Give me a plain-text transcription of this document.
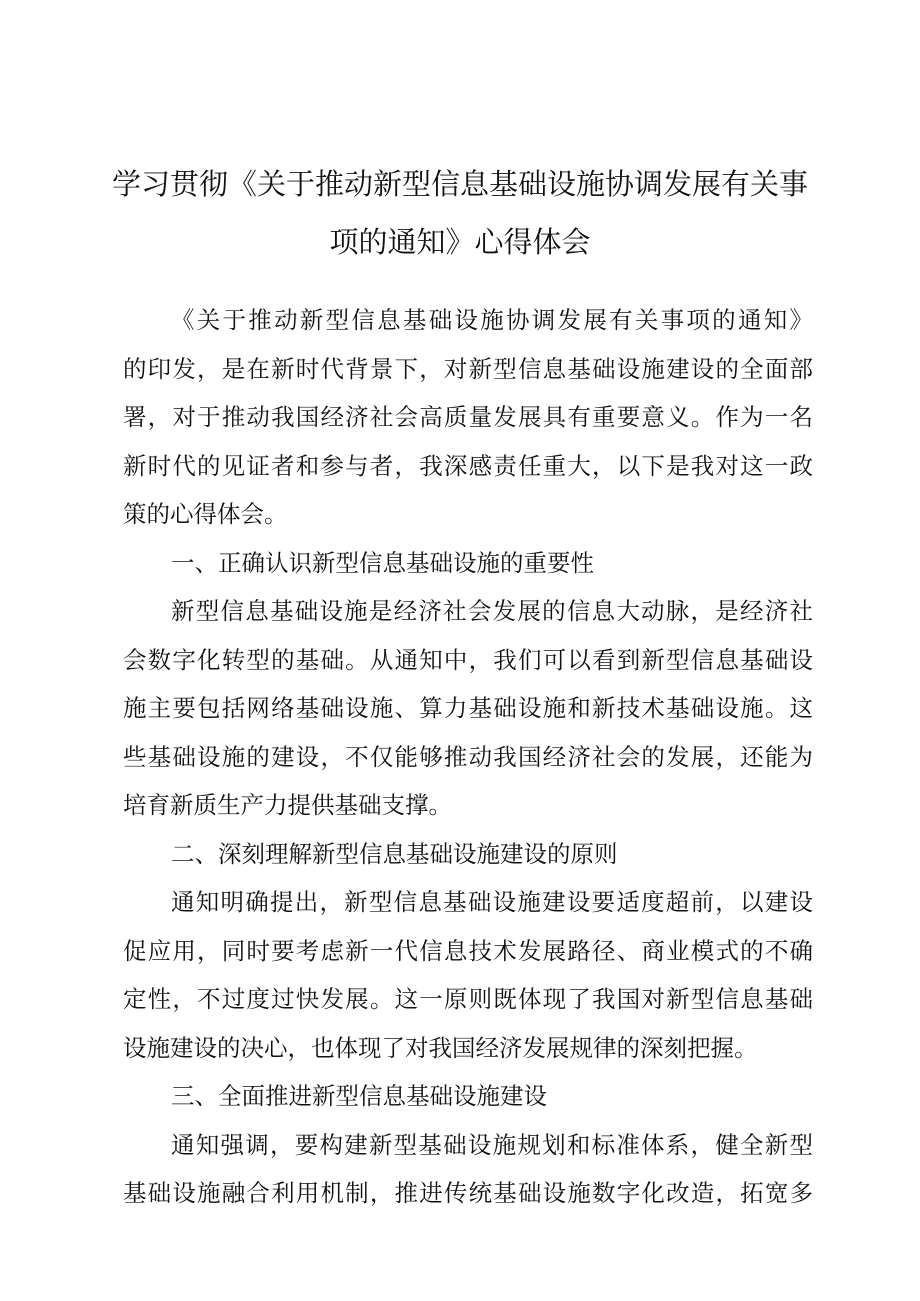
学习贯彻《关于推动新型信息基础设施协调发展有关事
项的通知》心得体会
《关于推动新型信息基础设施协调发展有关事项的通知》
的印发，是在新时代背景下，对新型信息基础设施建设的全面部
署，对于推动我国经济社会高质量发展具有重要意义。作为一名
新时代的见证者和参与者，我深感责任重大，以下是我对这一政
策的心得体会。
一、正确认识新型信息基础设施的重要性
新型信息基础设施是经济社会发展的信息大动脉，是经济社
会数字化转型的基础。从通知中，我们可以看到新型信息基础设
施主要包括网络基础设施、算力基础设施和新技术基础设施。这
些基础设施的建设，不仅能够推动我国经济社会的发展，还能为
培育新质生产力提供基础支撑。
二、深刻理解新型信息基础设施建设的原则
通知明确提出，新型信息基础设施建设要适度超前，以建设
促应用，同时要考虑新一代信息技术发展路径、商业模式的不确
定性，不过度过快发展。这一原则既体现了我国对新型信息基础
设施建设的决心，也体现了对我国经济发展规律的深刻把握。
三、全面推进新型信息基础设施建设
通知强调，要构建新型基础设施规划和标准体系，健全新型
基础设施融合利用机制，推进传统基础设施数字化改造，拓宽多
